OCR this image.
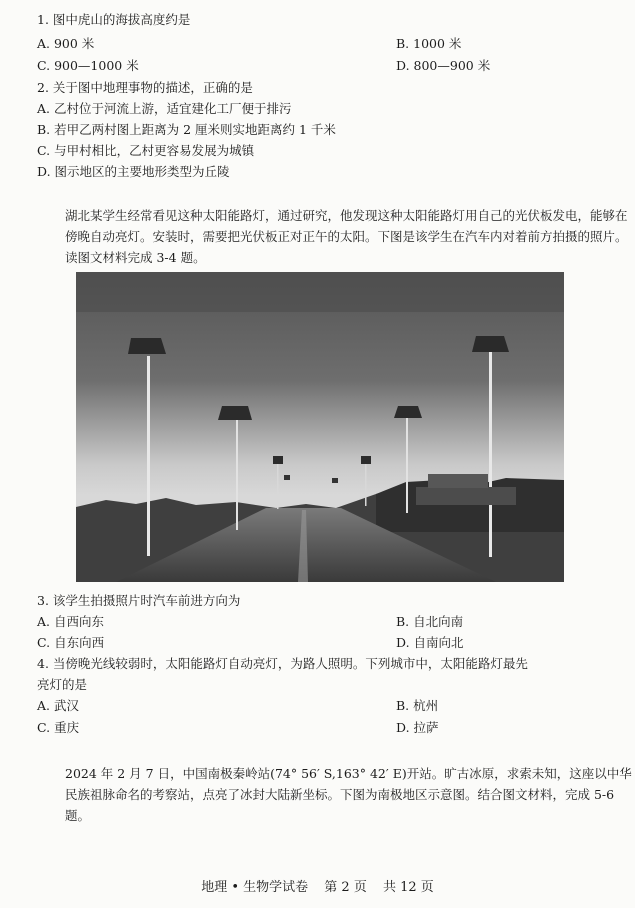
1. 图中虎山的海拔高度约是
A. 900 米	B. 1000 米
C. 900—1000 米	D. 800—900 米
2. 关于图中地理事物的描述，正确的是
A. 乙村位于河流上游，适宜建化工厂便于排污
B. 若甲乙两村图上距离为 2 厘米则实地距离约 1 千米
C. 与甲村相比，乙村更容易发展为城镇
D. 图示地区的主要地形类型为丘陵
湖北某学生经常看见这种太阳能路灯，通过研究，他发现这种太阳能路灯用自己的光伏板发电，能够在傍晚自动亮灯。安装时，需要把光伏板正对正午的太阳。下图是该学生在汽车内对着前方拍摄的照片。读图文材料完成 3-4 题。
3. 该学生拍摄照片时汽车前进方向为
A. 自西向东	B. 自北向南
C. 自东向西	D. 自南向北
4. 当傍晚光线较弱时，太阳能路灯自动亮灯，为路人照明。下列城市中，太阳能路灯最先
亮灯的是
A. 武汉	B. 杭州
C. 重庆	D. 拉萨
2024 年 2 月 7 日，中国南极秦岭站(74° 56′ S,163° 42′ E)开站。旷古冰原，求索未知，这座以中华民族祖脉命名的考察站，点亮了冰封大陆新坐标。下图为南极地区示意图。结合图文材料，完成 5-6 题。
地理 • 生物学试卷 第 2 页 共 12 页
